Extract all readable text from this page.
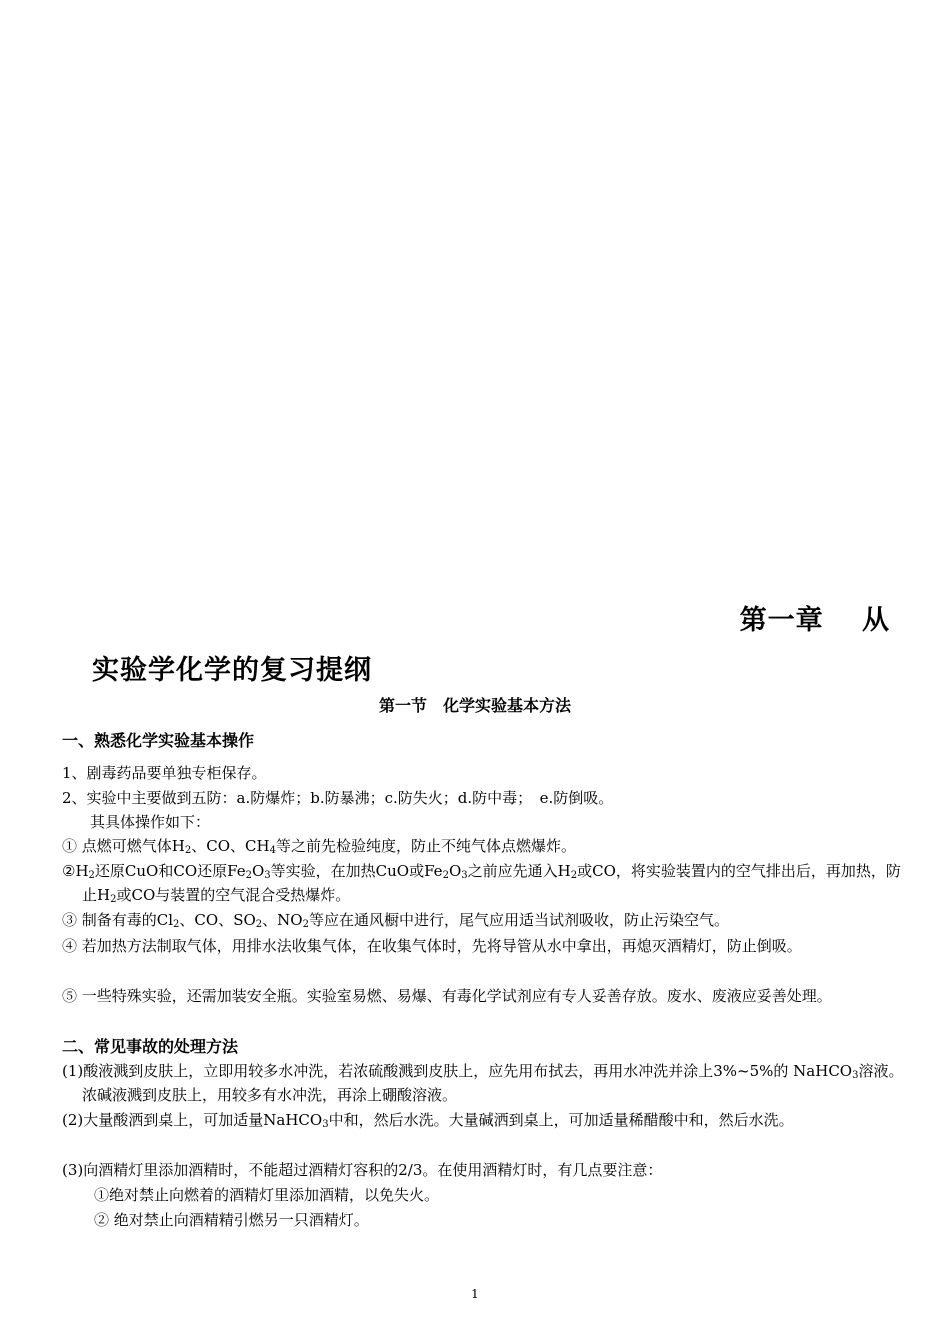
第一章　 从
实验学化学的复习提纲
第一节　化学实验基本方法
一、熟悉化学实验基本操作
1、剧毒药品要单独专柜保存。
2、实验中主要做到五防：a.防爆炸；b.防暴沸；c.防失火；d.防中毒；　e.防倒吸。
其具体操作如下：
① 点燃可燃气体$H_2$、CO、$CH_4$等之前先检验纯度，防止不纯气体点燃爆炸。
$②H_2$还原CuO和CO还原$Fe_2O_3$等实验，在加热CuO或$Fe_2O_3$之前应先通入$H_2$或CO，将实验装置内的空气排出后，再加热，防止$H_2$或CO与装置的空气混合受热爆炸。
③ 制备有毒的$Cl_2$、CO、$SO_2$、$NO_2$等应在通风橱中进行，尾气应用适当试剂吸收，防止污染空气。
④ 若加热方法制取气体，用排水法收集气体，在收集气体时，先将导管从水中拿出，再熄灭酒精灯，防止倒吸。
⑤ 一些特殊实验，还需加装安全瓶。实验室易燃、易爆、有毒化学试剂应有专人妥善存放。废水、废液应妥善处理。
二、常见事故的处理方法
(1)酸液溅到皮肤上，立即用较多水冲洗，若浓硫酸溅到皮肤上，应先用布拭去，再用水冲洗并涂上3%~5%的 NaHCO$_3$溶液。浓碱液溅到皮肤上，用较多有水冲洗，再涂上硼酸溶液。
(2)大量酸洒到桌上，可加适量NaHCO$_3$中和，然后水洗。大量碱洒到桌上，可加适量稀醋酸中和，然后水洗。
(3)向酒精灯里添加酒精时，不能超过酒精灯容积的2/3。在使用酒精灯时，有几点要注意：
①绝对禁止向燃着的酒精灯里添加酒精，以免失火。
② 绝对禁止向酒精精引燃另一只酒精灯。
1
